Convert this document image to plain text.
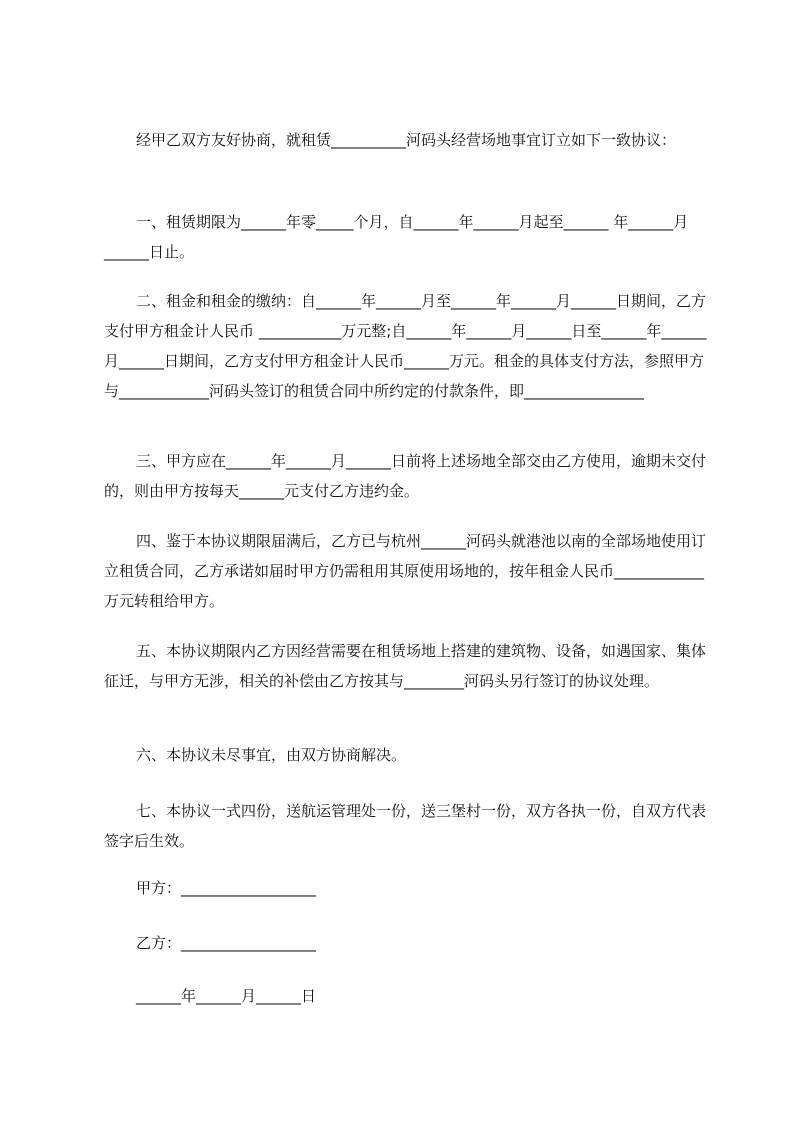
经甲乙双方友好协商，就租赁__________河码头经营场地事宜订立如下一致协议：

一、租赁期限为______年零_____个月，自______年______月起至______ 年______月______日止。

二、租金和租金的缴纳：自______年______月至______年______月______日期间，乙方支付甲方租金计人民币 ___________万元整;自______年______月______日至______年______月______日期间，乙方支付甲方租金计人民币______万元。租金的具体支付方法，参照甲方与____________河码头签订的租赁合同中所约定的付款条件，即________________

三、甲方应在______年______月______日前将上述场地全部交由乙方使用，逾期未交付的，则由甲方按每天______元支付乙方违约金。

四、鉴于本协议期限届满后，乙方已与杭州______河码头就港池以南的全部场地使用订立租赁合同，乙方承诺如届时甲方仍需租用其原使用场地的，按年租金人民币____________万元转租给甲方。

五、本协议期限内乙方因经营需要在租赁场地上搭建的建筑物、设备，如遇国家、集体征迁，与甲方无涉，相关的补偿由乙方按其与________河码头另行签订的协议处理。

六、本协议未尽事宜，由双方协商解决。

七、本协议一式四份，送航运管理处一份，送三堡村一份，双方各执一份，自双方代表签字后生效。

甲方：__________________

乙方：__________________

______年______月______日
